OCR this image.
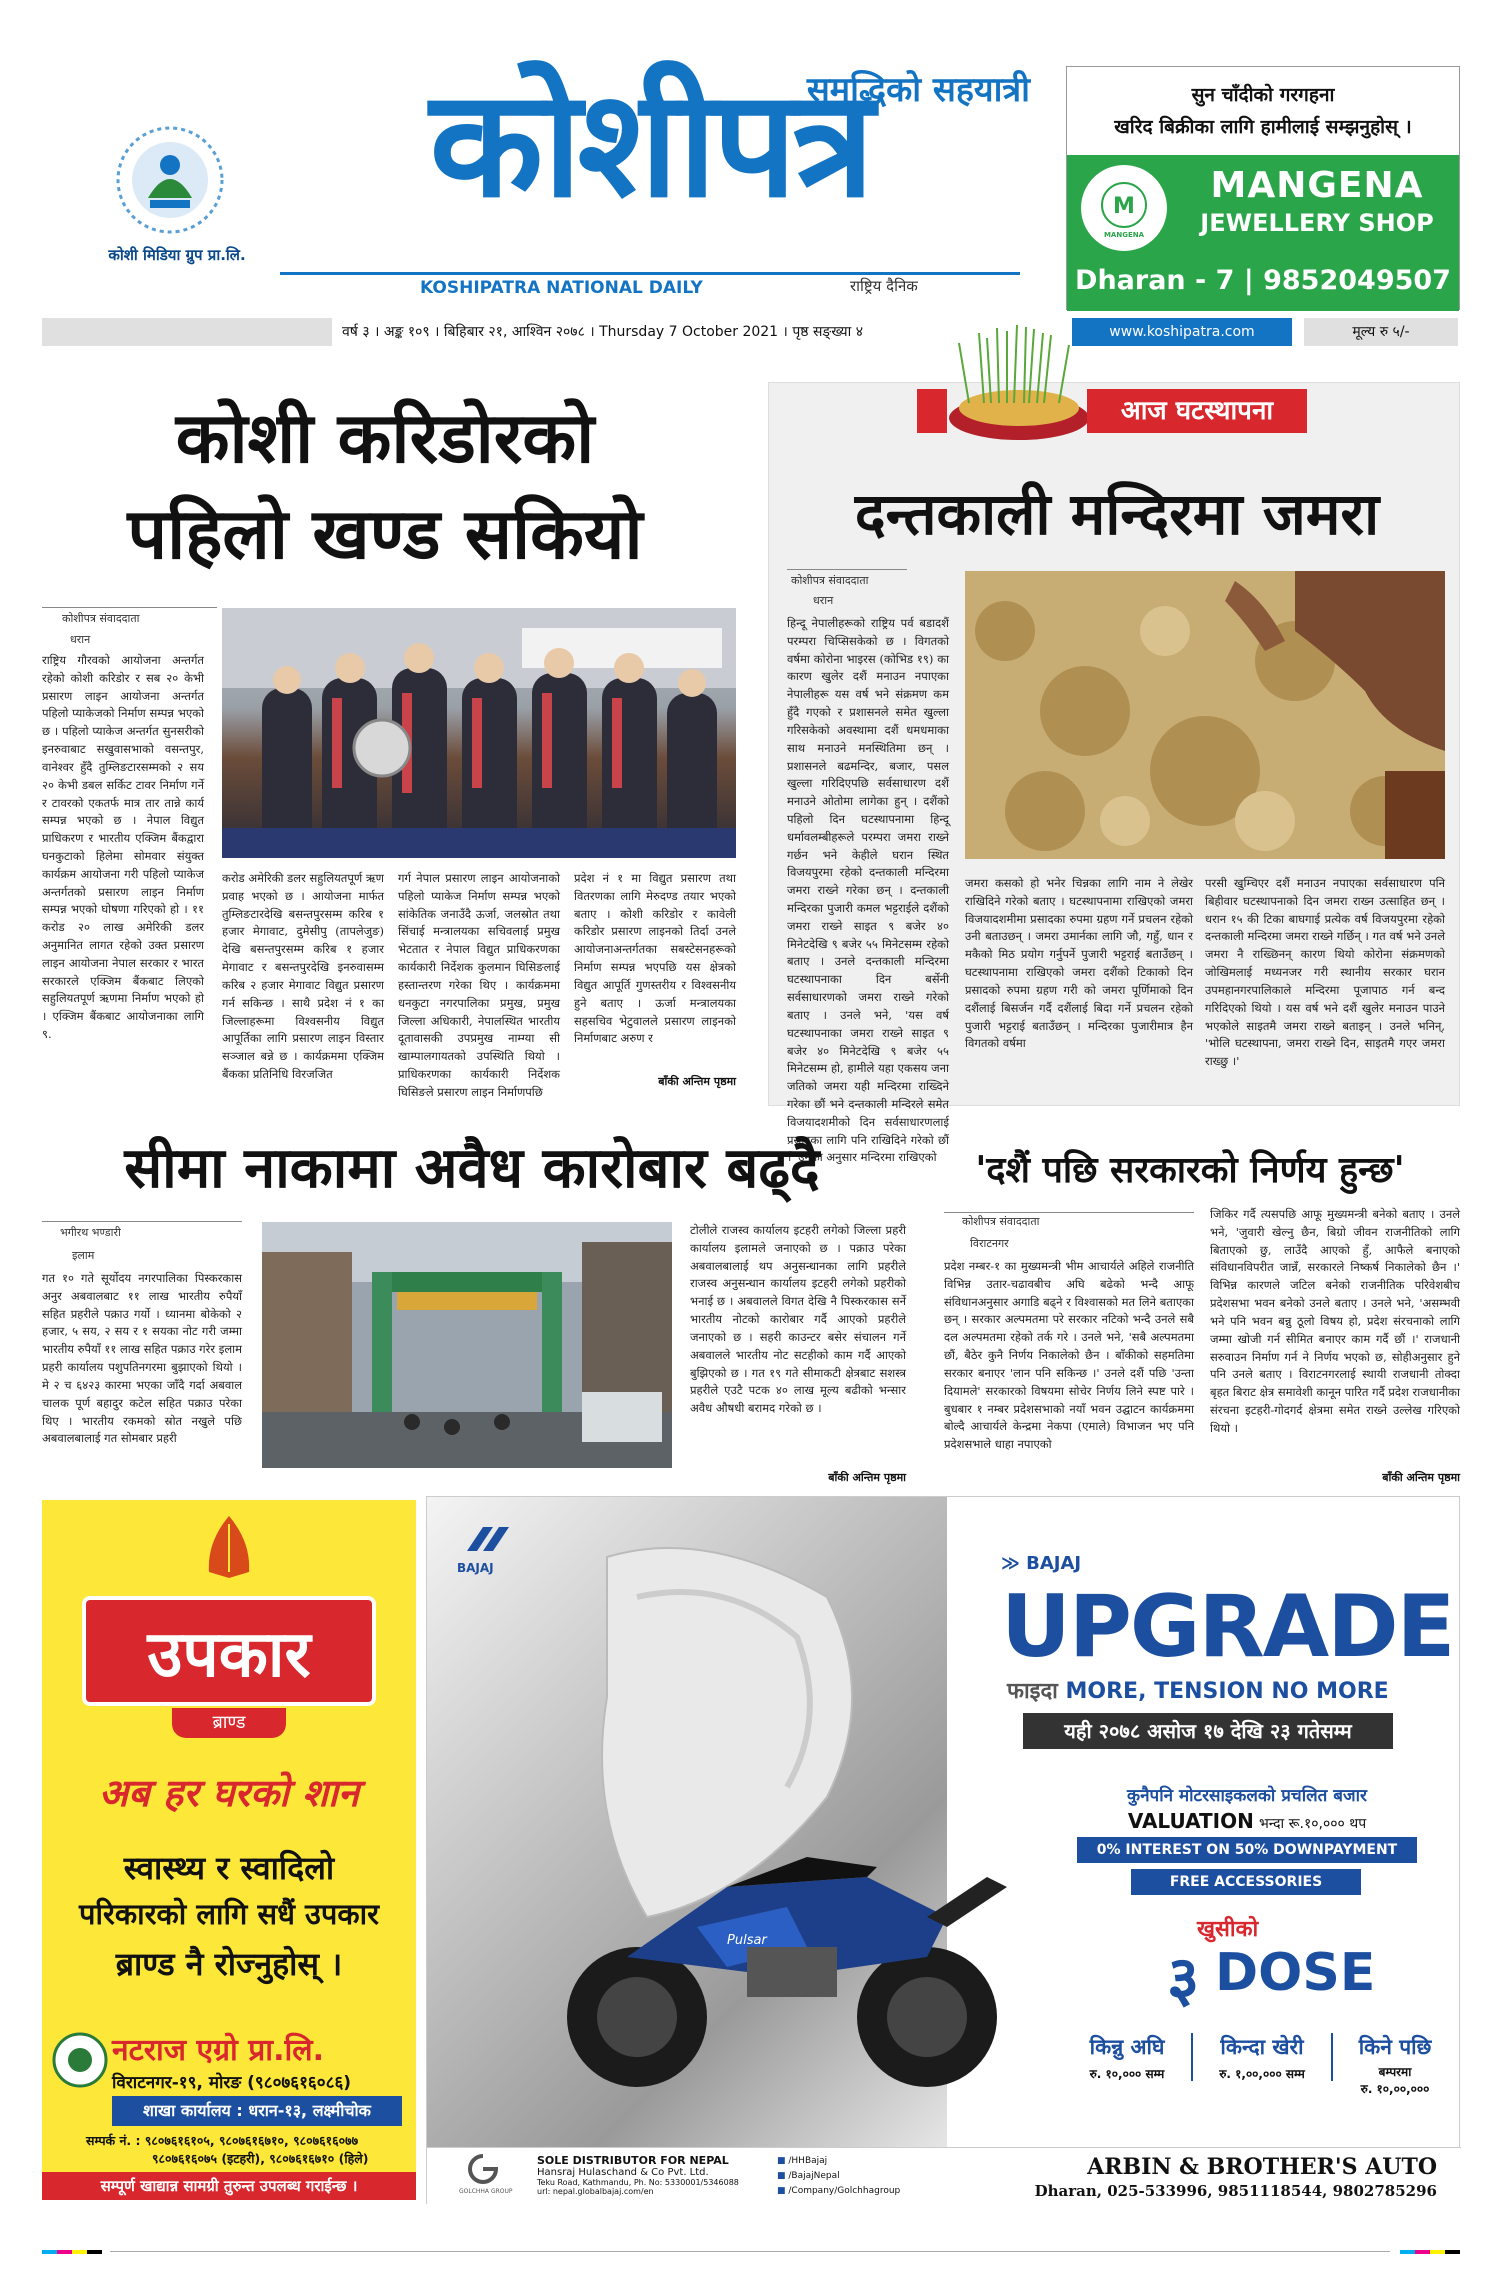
कोशी मिडिया ग्रुप प्रा.लि.
समृद्धिको सहयात्री
कोशीपत्र
KOSHIPATRA NATIONAL DAILY	राष्ट्रिय दैनिक
सुन चाँदीको गरगहना
खरिद बिक्रीका लागि हामीलाई सम्झनुहोस् ।
M
MANGENA
MANGENA
JEWELLERY SHOP
Dharan - 7 | 9852049507
वर्ष ३ । अङ्क १०९ । बिहिबार २१, आश्विन २०७८ । Thursday 7 October 2021 । पृष्ठ सङ्ख्या ४	www.koshipatra.com	मूल्य रु ५/-
कोशी करिडोरको
पहिलो खण्ड सकियो
कोशीपत्र संवाददाता
धरान
राष्ट्रिय गौरवको आयोजना अन्तर्गत रहेको कोशी करिडोर र सब २० केभी प्रसारण लाइन आयोजना अन्तर्गत पहिलो प्याकेजको निर्माण सम्पन्न भएको छ । पहिलो प्याकेज अन्तर्गत सुनसरीको इनरुवाबाट सखुवासभाको वसन्तपुर, वानेश्वर हुँदै तुम्लिङटारसम्मको २ सय २० केभी डबल सर्किट टावर निर्माण गर्ने र टावरको एकतर्फ मात्र तार तान्ने कार्य सम्पन्न भएको छ । नेपाल विद्युत प्राधिकरण र भारतीय एक्जिम बैंकद्वारा घनकुटाको हिलेमा सोमवार संयुक्त कार्यक्रम आयोजना गरी पहिलो प्याकेज अन्तर्गतको प्रसारण लाइन निर्माण सम्पन्न भएको घोषणा गरिएको हो । ११ करोड २० लाख अमेरिकी डलर अनुमानित लागत रहेको उक्त प्रसारण लाइन आयोजना नेपाल सरकार र भारत सरकारले एक्जिम बैंकबाट लिएको सहुलियतपूर्ण ऋणमा निर्माण भएको हो । एक्जिम बैंकबाट आयोजनाका लागि ९.
करोड अमेरिकी डलर सहुलियतपूर्ण ऋण प्रवाह भएको छ । आयोजना मार्फत तुम्लिङटारदेखि बसन्तपुरसम्म करिब १ हजार मेगावाट, दुमेसीपु (तापलेजुङ) देखि बसन्तपुरसम्म करिब १ हजार मेगावाट र बसन्तपुरदेखि इनरुवासम्म करिब २ हजार मेगावाट विद्युत प्रसारण गर्न सकिन्छ । साथै प्रदेश नं १ का जिल्लाहरूमा विश्वसनीय विद्युत आपूर्तिका लागि प्रसारण लाइन विस्तार सञ्जाल बन्ने छ । कार्यक्रममा एक्जिम बैंकका प्रतिनिधि विरजजित
गर्ग नेपाल प्रसारण लाइन आयोजनाको पहिलो प्याकेज निर्माण सम्पन्न भएको सांकेतिक जनाउँदै ऊर्जा, जलस्रोत तथा सिंचाई मन्त्रालयका सचिवलाई प्रमुख भेटतात र नेपाल विद्युत प्राधिकरणका कार्यकारी निर्देशक कुलमान घिसिङलाई हस्तान्तरण गरेका थिए । कार्यक्रममा धनकुटा नगरपालिका प्रमुख, प्रमुख जिल्ला अधिकारी, नेपालस्थित भारतीय दूतावासकी उपप्रमुख नाम्ग्या सी खाम्पालगायतको उपस्थिति थियो । प्राधिकरणका कार्यकारी निर्देशक घिसिङले प्रसारण लाइन निर्माणपछि
प्रदेश नं १ मा विद्युत प्रसारण तथा वितरणका लागि मेरुदण्ड तयार भएको बताए । कोशी करिडोर र कावेली करिडोर प्रसारण लाइनको तिर्दा उनले आयोजनाअन्तर्गतका सबस्टेसनहरूको निर्माण सम्पन्न भएपछि यस क्षेत्रको विद्युत आपूर्ति गुणस्तरीय र विश्वसनीय हुने बताए । ऊर्जा मन्त्रालयका सहसचिव भेटुवालले प्रसारण लाइनको निर्माणबाट अरुण र
बाँकी अन्तिम पृष्ठमा
आज घटस्थापना
दन्तकाली मन्दिरमा जमरा
कोशीपत्र संवाददाता
धरान
हिन्दू नेपालीहरूको राष्ट्रिय पर्व बडादशैं परम्परा चिप्सिसकेको छ । विगतको वर्षमा कोरोना भाइरस (कोभिड १९) का कारण खुलेर दशैं मनाउन नपाएका नेपालीहरू यस वर्ष भने संक्रमण कम हुँदै गएको र प्रशासनले समेत खुल्ला गरिसकेको अवस्थामा दशैं धमधमाका साथ मनाउने मनस्थितिमा छन् । प्रशासनले बढमन्दिर, बजार, पसल खुल्ला गरिदिएपछि सर्वसाधारण दशैं मनाउने ओतोमा लागेका हुन् । दशैंको पहिलो दिन घटस्थापनामा हिन्दू धर्मावलम्बीहरूले परम्परा जमरा राख्ने गर्छन भने केहीले घरान स्थित विजयपुरमा रहेको दन्तकाली मन्दिरमा जमरा राख्ने गरेका छन् । दन्तकाली मन्दिरका पुजारी कमल भट्टराईले दशैंको जमरा राख्ने साइत ९ बजेर ४० मिनेटदेखि ९ बजेर ५५ मिनेटसम्म रहेको बताए । उनले दन्तकाली मन्दिरमा घटस्थापनाका दिन बर्सेनी सर्वसाधारणको जमरा राख्ने गरेको बताए । उनले भने, 'यस वर्ष घटस्थापनाका जमरा राख्ने साइत ९ बजेर ४० मिनेटदेखि ९ बजेर ५५ मिनेटसम्म हो, हामीले यहा एकसय जना जतिको जमरा यही मन्दिरमा राख्दिने गरेका छौं भने दन्तकाली मन्दिरले समेत विजयादशमीको दिन सर्वसाधारणलाई प्रसादका लागि पनि राखिदिने गरेको छौं ।' उनका अनुसार मन्दिरमा राखिएको
जमरा कसको हो भनेर चिन्नका लागि नाम ने लेखेर राखिदिने गरेको बताए । घटस्थापनामा राखिएको जमरा विजयादशमीमा प्रसादका रुपमा ग्रहण गर्ने प्रचलन रहेको उनी बताउछन् । जमरा उमार्नका लागि जौ, गहुँ, धान र मकैको मिठ प्रयोग गर्नुपर्ने पुजारी भट्टराई बताउँछन् । घटस्थापनामा राखिएको जमरा दशैंको टिकाको दिन प्रसादको रुपमा ग्रहण गरी को जमरा पूर्णिमाको दिन दशैंलाई बिसर्जन गर्दै दशैंलाई बिदा गर्ने प्रचलन रहेको पुजारी भट्टराई बताउँछन् । मन्दिरका पुजारीमात्र हैन विगतको वर्षमा
परसी खुम्चिएर दशैं मनाउन नपाएका सर्वसाधारण पनि बिहीवार घटस्थापनाको दिन जमरा राख्न उत्साहित छन् । धरान १५ की टिका बाघगाई प्रत्येक वर्ष विजयपुरमा रहेको दन्तकाली मन्दिरमा जमरा राख्ने गर्छिन् । गत वर्ष भने उनले जमरा नै राख्छिनन् कारण थियो कोरोना संक्रमणको जोखिमलाई मध्यनजर गरी स्थानीय सरकार घरान उपमहानगरपालिकाले मन्दिरमा पूजापाठ गर्न बन्द गरिदिएको थियो । यस वर्ष भने दशैं खुलेर मनाउन पाउने भएकोले साइतमै जमरा राख्ने बताइन् । उनले भनिन्, 'भोलि घटस्थापना, जमरा राख्ने दिन, साइतमै गएर जमरा राख्छु ।'
सीमा नाकामा अवैध कारोबार बढ्दै
भगीरथ भण्डारी
इलाम
गत १० गते सूर्योदय नगरपालिका पिस्करकास अनुर अबवालबाट ११ लाख भारतीय रुपैयाँ सहित प्रहरीले पक्राउ गर्यो । ध्यानमा बोकेको २ हजार, ५ सय, २ सय र १ सयका नोट गरी जम्मा भारतीय रुपैयाँ ११ लाख सहित पक्राउ गरेर इलाम प्रहरी कार्यालय पशुपतिनगरमा बुझाएको थियो । मे २ च ६४२३ कारमा भएका जाँदै गर्दा अबवाल चालक पूर्ण बहादुर कटेल सहित पक्राउ परेका थिए । भारतीय रकमको स्रोत नखुले पछि अबवालबालाई गत सोमबार प्रहरी
टोलीले राजस्व कार्यालय इटहरी लगेको जिल्ला प्रहरी कार्यालय इलामले जनाएको छ । पक्राउ परेका अबवालबालाई थप अनुसन्धानका लागि प्रहरीले राजस्व अनुसन्धान कार्यालय इटहरी लगेको प्रहरीको भनाई छ । अबवालले विगत देखि नै पिस्करकास सर्ने भारतीय नोटको कारोबार गर्दै आएको प्रहरीले जनाएको छ । सहरी काउन्टर बसेर संचालन गर्ने अबवालले भारतीय नोट सटहीको काम गर्दै आएको बुझिएको छ । गत १९ गते सीमाकटी क्षेत्रबाट सशस्त्र प्रहरीले एउटै पटक ४० लाख मूल्य बढीको भन्सार अवैध औषधी बरामद गरेको छ ।
बाँकी अन्तिम पृष्ठमा
'दशैं पछि सरकारको निर्णय हुन्छ'
कोशीपत्र संवाददाता
विराटनगर
प्रदेश नम्बर-१ का मुख्यमन्त्री भीम आचार्यले अहिले राजनीति विभिन्न उतार-चढावबीच अघि बढेको भन्दै आफू संविधानअनुसार अगाडि बढ्ने र विश्वासको मत लिने बताएका छन् । सरकार अल्पमतमा परे सरकार नटिको भन्दै उनले सबै दल अल्पमतमा रहेको तर्क गरे । उनले भने, 'सबै अल्पमतमा छौं, बैठेर कुनै निर्णय निकालेको छैन । बाँकीको सहमतिमा सरकार बनाएर 'लान पनि सकिन्छ ।' उनले दशैं पछि 'उन्ता दियामले' सरकारको विषयमा सोचेर निर्णय लिने स्पष्ट पारे । बुधबार १ नम्बर प्रदेशसभाको नयाँ भवन उद्घाटन कार्यक्रममा बोल्दै आचार्यले केन्द्रमा नेकपा (एमाले) विभाजन भए पनि प्रदेशसभाले धाहा नपाएको
जिकिर गर्दै त्यसपछि आफू मुख्यमन्त्री बनेको बताए । उनले भने, 'जुवारी खेल्नु छैन, बिग्रो जीवन राजनीतिको लागि बिताएको छु, लाउँदै आएको हुँ, आफैले बनाएको संविधानविपरीत जान्नँ, सरकारले निष्कर्ष निकालेको छैन ।' विभिन्न कारणले जटिल बनेको राजनीतिक परिवेशबीच प्रदेशसभा भवन बनेको उनले बताए । उनले भने, 'असम्भवी भने पनि भवन बन्नु ठूलो विषय हो, प्रदेश संरचनाको लागि जम्मा खोजी गर्न सीमित बनाएर काम गर्दै छौं ।' राजधानी सरुवाउन निर्माण गर्न ने निर्णय भएको छ, सोहीअनुसार हुने पनि उनले बताए । विराटनगरलाई स्थायी राजधानी तोक्दा बृहत बिराट क्षेत्र समावेशी कानून पारित गर्दै प्रदेश राजधानीका संरचना इटहरी-गोदगर्द क्षेत्रमा समेत राख्ने उल्लेख गरिएको थियो ।
बाँकी अन्तिम पृष्ठमा
उपकार
ब्राण्ड
अब हर घरको शान
स्वास्थ्य र स्वादिलो
परिकारको लागि सधैं उपकार
ब्राण्ड नै रोज्नुहोस् ।
नटराज एग्रो प्रा.लि.
विराटनगर-१९, मोरङ (९८०७६१६०८६)
शाखा कार्यालय : धरान-१३, लक्ष्मीचोक
सम्पर्क नं. : ९८०७६१६१०५, ९८०७६१६७१०, ९८०७६१६०७७
९८०७६१६०७५ (इटहरी), ९८०७६१६७१० (हिले)
सम्पूर्ण खाद्यान्न सामग्री तुरुन्त उपलब्ध गराईन्छ ।
BAJAJ
Pulsar
≫ BAJAJ
UPGRADE
फाइदा MORE, TENSION NO MORE
यही २०७८ असोज १७ देखि २३ गतेसम्म
कुनैपनि मोटरसाइकलको प्रचलित बजार
VALUATION भन्दा रू.१०,००० थप
0% INTEREST ON 50% DOWNPAYMENT
FREE ACCESSORIES
खुसीको
३ DOSE
किन्नु अघि
रु. १०,००० सम्म
किन्दा खेरी
रु. १,००,००० सम्म
किने पछि
बम्परमा
रु. १०,००,०००
GOLCHHA GROUP
SOLE DISTRIBUTOR FOR NEPAL
Hansraj Hulaschand & Co Pvt. Ltd.
Teku Road, Kathmandu, Ph. No: 5330001/5346088
url: nepal.globalbajaj.com/en
■ /HHBajaj
■ /BajajNepal
■ /Company/Golchhagroup
ARBIN & BROTHER'S AUTO
Dharan, 025-533996, 9851118544, 9802785296
